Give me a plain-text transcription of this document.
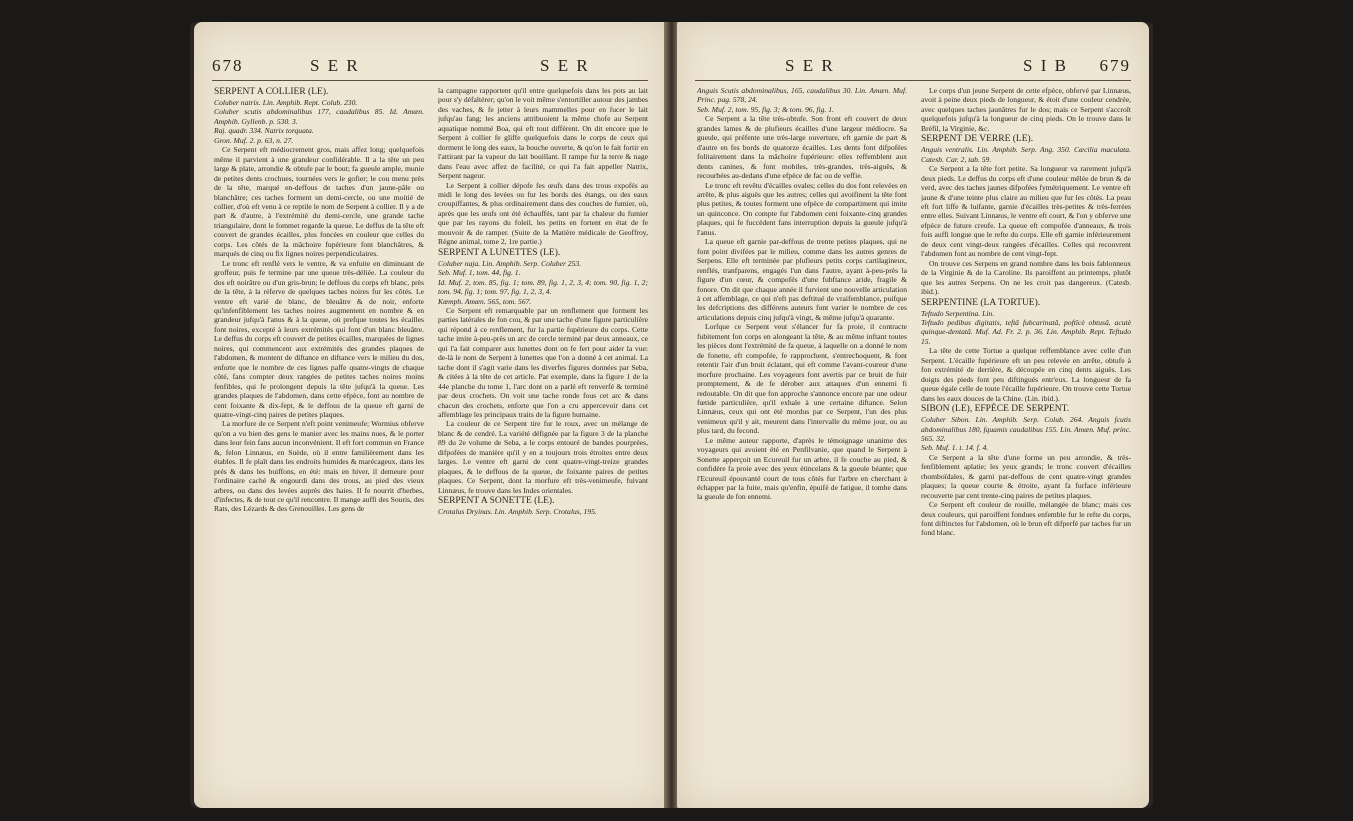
678	S E R	S E R

SERPENT A COLLIER (LE).

Coluber natrix. Lin. Amphib. Rept. Colub. 230.

Coluber scutis abdominalibus 177, caudalibus 85. Id. Amæn. Amphib. Gyllenb. p. 530. 3.

Raj. quadr. 334. Natrix torquata.

Gron. Muf. 2. p. 63, n. 27.

Ce Serpent eft médiocrement gros, mais affez long; quelquefois même il parvient à une grandeur confidérable. Il a la tête un peu large & plate, arrondie & obtufe par le bout; fa gueule ample, munie de petites dents crochues, tournées vers le gofier; le cou menu près de la tête, marqué en-deffous de taches d'un jaune-pâle ou blanchâtre; ces taches forment un demi-cercle, ou une moitié de collier, d'où eft venu à ce reptile le nom de Serpent à collier. Il y a de part & d'autre, à l'extrémité du demi-cercle, une grande tache triangulaire, dont le fommet regarde la queue. Le deffus de la tête eft couvert de grandes écailles, plus foncées en couleur que celles du corps. Les côtés de la mâchoire fupérieure font blanchâtres, & marqués de cinq ou fix lignes noires perpendiculaires.

Le tronc eft renflé vers le ventre, & va enfuite en diminuant de groffeur, puis fe termine par une queue très-déliée. La couleur du dos eft noirâtre ou d'un gris-brun; le deffous du corps eft blanc, près de la tête, à la réferve de quelques taches noires fur les côtés. Le ventre eft varié de blanc, de bleuâtre & de noir, enforte qu'infenfiblement les taches noires augmentent en nombre & en grandeur jufqu'à l'anus & à la queue, où prefque toutes les écailles font noires, excepté à leurs extrémités qui font d'un blanc bleuâtre. Le deffus du corps eft couvert de petites écailles, marquées de lignes noires, qui commencent aux extrémités des grandes plaques de l'abdomen, & montent de diftance en diftance vers le milieu du dos, enforte que le nombre de ces lignes paffe quatre-vingts de chaque côté, fans compter deux rangées de petites taches noires moins fenfibles, qui fe prolongent depuis la tête jufqu'à la queue. Les grandes plaques de l'abdomen, dans cette efpèce, font au nombre de cent foixante & dix-fept, & le deffous de la queue eft garni de quatre-vingt-cinq paires de petites plaques.

La morfure de ce Serpent n'eft point venimeufe; Wormius obferve qu'on a vu bien des gens le manier avec les mains nues, & le porter dans leur fein fans aucun inconvénient. Il eft fort commun en France &, felon Linnæus, en Suède, où il entre familièrement dans les étables. Il fe plaît dans les endroits humides & marécageux, dans les prés & dans les buiffons, en été: mais en hiver, il demeure pour l'ordinaire caché & engourdi dans des trous, au pied des vieux arbres, ou dans des levées auprès des haies. Il fe nourrit d'herbes, d'infectes, & de tout ce qu'il rencontre. Il mange auffi des Souris, des Rats, des Lézards & des Grenouilles. Les gens de

la campagne rapportent qu'il entre quelquefois dans les pots au lait pour s'y défaltérer; qu'on le voit même s'entortiller autour des jambes des vaches, & fe jetter à leurs mammelles pour en fucer le lait jufqu'au fang; les anciens attribuoient la même chofe au Serpent aquatique nommé Boa, qui eft tout différent. On dit encore que le Serpent à collier fe gliffe quelquefois dans le corps de ceux qui dorment le long des eaux, la bouche ouverte, & qu'on le fait fortir en l'attirant par la vapeur du lait bouillant. Il rampe fur la terre & nage dans l'eau avec affez de facilité, ce qui l'a fait appeller Natrix, Serpent nageur.

Le Serpent à collier dépofe fes œufs dans des trous expofés au midi le long des levées ou fur les bords des étangs, ou des eaux croupiffantes, & plus ordinairement dans des couches de fumier, où, après que les œufs ont été échauffés, tant par la chaleur du fumier que par les rayons du foleil, les petits en fortent en état de fe mouvoir & de ramper. (Suite de la Matière médicale de Geoffroy, Règne animal, tome 2, 1re partie.)

SERPENT A LUNETTES (LE).

Coluber naja. Lin. Amphib. Serp. Coluber 253.

Seb. Muf. 1, tom. 44, fig. 1.

Id. Muf. 2, tom. 85, fig. 1; tom. 89, fig. 1, 2, 3, 4; tom. 90, fig. 1, 2; tom. 94, fig. 1; tom. 97, fig. 1, 2, 3, 4.

Kœmph. Amæn. 565, tom. 567.

Ce Serpent eft remarquable par un renflement que forment les parties latérales de fon cou, & par une tache d'une figure particulière qui répond à ce renflement, fur la partie fupérieure du corps. Cette tache imite à-peu-près un arc de cercle terminé par deux anneaux, ce qui l'a fait comparer aux lunettes dont on fe fert pour aider la vue: de-là le nom de Serpent à lunettes que l'on a donné à cet animal. La tache dont il s'agit varie dans les diverfes figures données par Seba, & citées à la tête de cet article. Par exemple, dans la figure 1 de la 44e planche du tome 1, l'arc dont on a parlé eft renverfé & terminé par deux crochets. On voit une tache ronde fous cet arc & dans chacun des crochets, enforte que l'on a cru appercevoir dans cet affemblage les principaux traits de la figure humaine.

La couleur de ce Serpent tire fur le roux, avec un mélange de blanc & de cendré. La variété défignée par la figure 3 de la planche 89 du 2e volume de Seba, a le corps entouré de bandes pourprées, difpofées de manière qu'il y en a toujours trois étroites entre deux larges. Le ventre eft garni de cent quatre-vingt-treize grandes plaques, & le deffous de la queue, de foixante paires de petites plaques. Ce Serpent, dont la morfure eft très-venimeufe, fuivant Linnæus, fe trouve dans les Indes orientales.

SERPENT A SONETTE (LE).

Crotalus Dryinas. Lin. Amphib. Serp. Crotalus, 195.

S E R	S I B 679

Anguis Scutis abdominalibus, 165, caudalibus 30. Lin. Amæn. Muf. Princ. pag. 578, 24.

Seb. Muf. 2, tom. 95, fig. 3; & tom. 96, fig. 1.

Ce Serpent a la tête très-obtufe. Son front eft couvert de deux grandes lames & de plufieurs écailles d'une largeur médiocre. Sa gueule, qui préfente une très-large ouverture, eft garnie de part & d'autre en fes bords de quatorze écailles. Les dents font difpofées folitairement dans la mâchoire fupérieure: elles reffemblent aux dents canines, & font mobiles, très-grandes, très-aiguës, & recourbées au-dedans d'une efpèce de fac ou de veffie.

Le tronc eft revêtu d'écailles ovales; celles du dos font relevées en arrête, & plus aiguës que les autres; celles qui avoifinent la tête font plus petites, & toutes forment une efpèce de compartiment qui imite un quinconce. On compte fur l'abdomen cent foixante-cinq grandes plaques, qui fe fuccèdent fans interruption depuis la gueule jufqu'à l'anus.

La queue eft garnie par-deffous de trente petites plaques, qui ne font point divifées par le milieu, comme dans les autres genres de Serpens. Elle eft terminée par plufieurs petits corps cartilagineux, renflés, tranfparens, engagés l'un dans l'autre, ayant à-peu-près la figure d'un cœur, & compofés d'une fubftance aride, fragile & fonore. On dit que chaque année il furvient une nouvelle articulation à cet affemblage, ce qui n'eft pas deftitué de vraifemblance, puifque les defcriptions des différens auteurs font varier le nombre de ces articulations depuis cinq jufqu'à vingt, & même jufqu'à quarante.

Lorfque ce Serpent veut s'élancer fur fa proie, il contracte fubitement fon corps en alongeant la tête, & au même inftant toutes les pièces dont l'extrémité de fa queue, à laquelle on a donné le nom de fonette, eft compofée, fe rapprochent, s'entrechoquent, & font retentir l'air d'un bruit éclatant, qui eft comme l'avant-coureur d'une morfure prochaine. Les voyageurs font avertis par ce bruit de fuir promptement, & de fe dérober aux attaques d'un ennemi fi redoutable. On dit que fon approche s'annonce encore par une odeur fœtide particulière, qu'il exhale à une certaine diftance. Selon Linnæus, ceux qui ont été mordus par ce Serpent, l'un des plus venimeux qu'il y ait, meurent dans l'intervalle du même jour, ou au plus tard, du fecond.

Le même auteur rapporte, d'après le témoignage unanime des voyageurs qui avoient été en Penfilvanie, que quand le Serpent à Sonette apperçoit un Ecureuil fur un arbre, il fe couche au pied, & confidère fa proie avec des yeux étincelans & la gueule béante; que l'Ecureuil épouvanté court de tous côtés fur l'arbre en cherchant à échapper par la fuite, mais qu'enfin, épuifé de fatigue, il tombe dans la gueule de fon ennemi.

Le corps d'un jeune Serpent de cette efpèce, obfervé par Linnæus, avoit à peine deux pieds de longueur, & étoit d'une couleur cendrée, avec quelques taches jaunâtres fur le dos; mais ce Serpent s'accroît quelquefois jufqu'à la longueur de cinq pieds. On le trouve dans le Bréfil, la Virginie, &c.

SERPENT DE VERRE (LE).

Anguis ventralis. Lin. Amphib. Serp. Ang. 350. Cæcilia maculata. Catesb. Car. 2, tab. 59.

Ce Serpent a la tête fort petite. Sa longueur va rarement jufqu'à deux pieds. Le deffus du corps eft d'une couleur mêlée de brun & de verd, avec des taches jaunes difpofées fymétriquement. Le ventre eft jaune & d'une teinte plus claire au milieu que fur les côtés. La peau eft fort liffe & luifante, garnie d'écailles très-petites & très-ferrées entre elles. Suivant Linnæus, le ventre eft court, & l'on y obferve une efpèce de future creufe. La queue eft compofée d'anneaux, & trois fois auffi longue que le refte du corps. Elle eft garnie inférieurement de deux cent vingt-deux rangées d'écailles. Celles qui recouvrent l'abdomen font au nombre de cent vingt-fept.

On trouve ces Serpens en grand nombre dans les bois fablonneux de la Virginie & de la Caroline. Ils paroiffent au printemps, plutôt que les autres Serpens. On ne les croit pas dangereux. (Catesb. ibid.).

SERPENTINE (LA TORTUE).

Teftudo Serpentina. Lin.

Teftudo pedibus digitatis, teftâ fubcarinatâ, poftîcè obtusâ, acutè quinque-dentatâ. Muf. Ad. Fr. 2. p. 36. Lin. Amphib. Rept. Teftudo 15.

La tête de cette Tortue a quelque reffemblance avec celle d'un Serpent. L'écaille fupérieure eft un peu relevée en arrête, obtufe à fon extrémité de derrière, & découpée en cinq dents aiguës. Les doigts des pieds font peu diftingués entr'eux. La longueur de fa queue égale celle de toute l'écaille fupérieure. On trouve cette Tortue dans les eaux douces de la Chine. (Lin. ibid.).

SIBON (LE), EFPÈCE DE SERPENT.

Coluber Sibon. Lin. Amphib. Serp. Colub. 264. Anguis fcutis abdominalibus 180, fquamis caudalibus 155. Lin. Amæn. Muf. princ. 565. 32.

Seb. Muf. 1. t. 14. f. 4.

Ce Serpent a la tête d'une forme un peu arrondie, & très-fenfiblement aplatie; les yeux grands; le tronc couvert d'écailles rhomboïdales, & garni par-deffous de cent quatre-vingt grandes plaques; la queue courte & étroite, ayant fa furface inférieure recouverte par cent trente-cinq paires de petites plaques.

Ce Serpent eft couleur de rouille, mélangée de blanc; mais ces deux couleurs, qui paroiffent fondues enfemble fur le refte du corps, font diftinctes fur l'abdomen, où le brun eft difperfé par taches fur un fond blanc.
